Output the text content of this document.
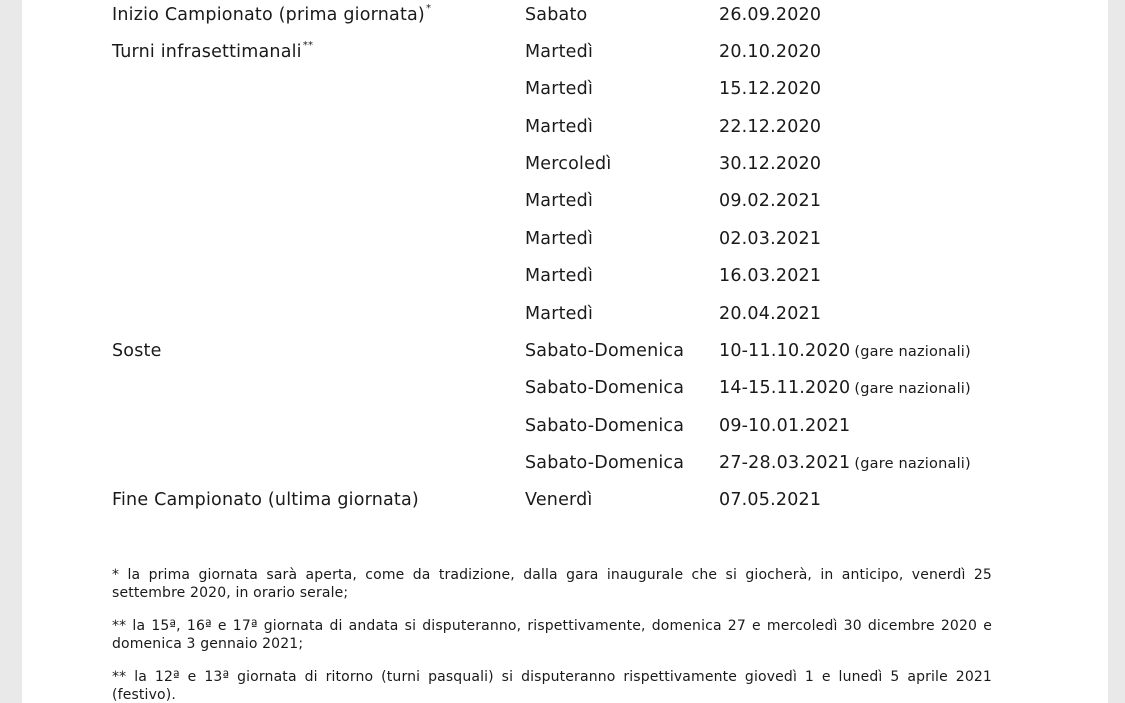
Inizio Campionato (prima giornata)*	Sabato	26.09.2020
Turni infrasettimanali**	Martedì	20.10.2020
Martedì	15.12.2020
Martedì	22.12.2020
Mercoledì	30.12.2020
Martedì	09.02.2021
Martedì	02.03.2021
Martedì	16.03.2021
Martedì	20.04.2021
Soste	Sabato-Domenica 10-11.10.2020 (gare nazionali)
Sabato-Domenica 14-15.11.2020 (gare nazionali)
Sabato-Domenica 09-10.01.2021
Sabato-Domenica 27-28.03.2021 (gare nazionali)
Fine Campionato (ultima giornata)	Venerdì	07.05.2021
* la prima giornata sarà aperta, come da tradizione, dalla gara inaugurale che si giocherà, in anticipo, venerdì 25 settembre 2020, in orario serale;
** la 15ª, 16ª e 17ª giornata di andata si disputeranno, rispettivamente, domenica 27 e mercoledì 30 dicembre 2020 e domenica 3 gennaio 2021;
** la 12ª e 13ª giornata di ritorno (turni pasquali) si disputeranno rispettivamente giovedì 1 e lunedì 5 aprile 2021 (festivo).
